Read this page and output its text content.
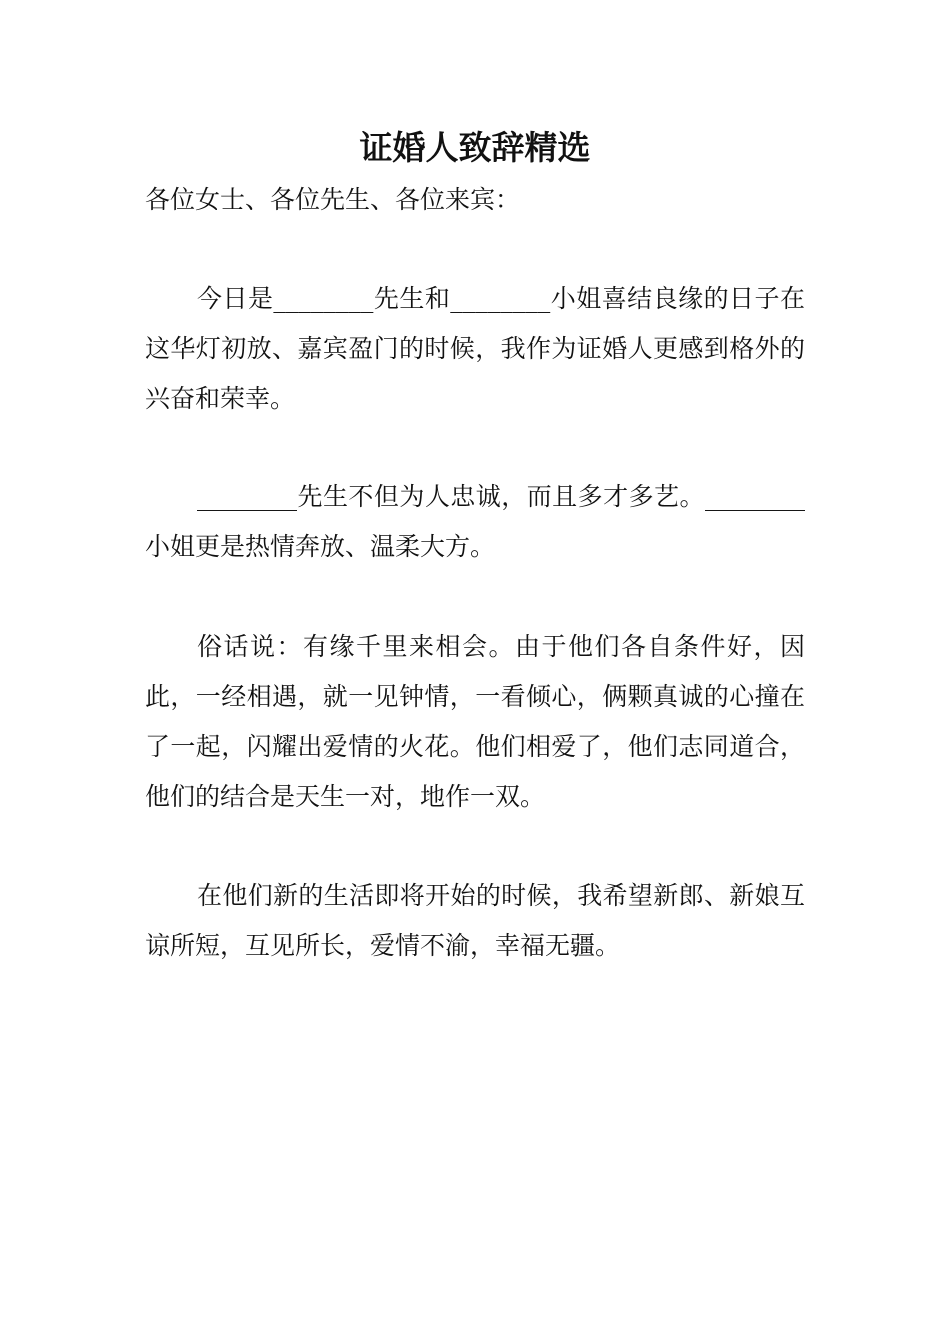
证婚人致辞精选

各位女士、各位先生、各位来宾：

今日是________先生和________小姐喜结良缘的日子在这华灯初放、嘉宾盈门的时候，我作为证婚人更感到格外的兴奋和荣幸。

________先生不但为人忠诚，而且多才多艺。________小姐更是热情奔放、温柔大方。

俗话说：有缘千里来相会。由于他们各自条件好，因此，一经相遇，就一见钟情，一看倾心，俩颗真诚的心撞在了一起，闪耀出爱情的火花。他们相爱了，他们志同道合，他们的结合是天生一对，地作一双。

在他们新的生活即将开始的时候，我希望新郎、新娘互谅所短，互见所长，爱情不渝，幸福无疆。
